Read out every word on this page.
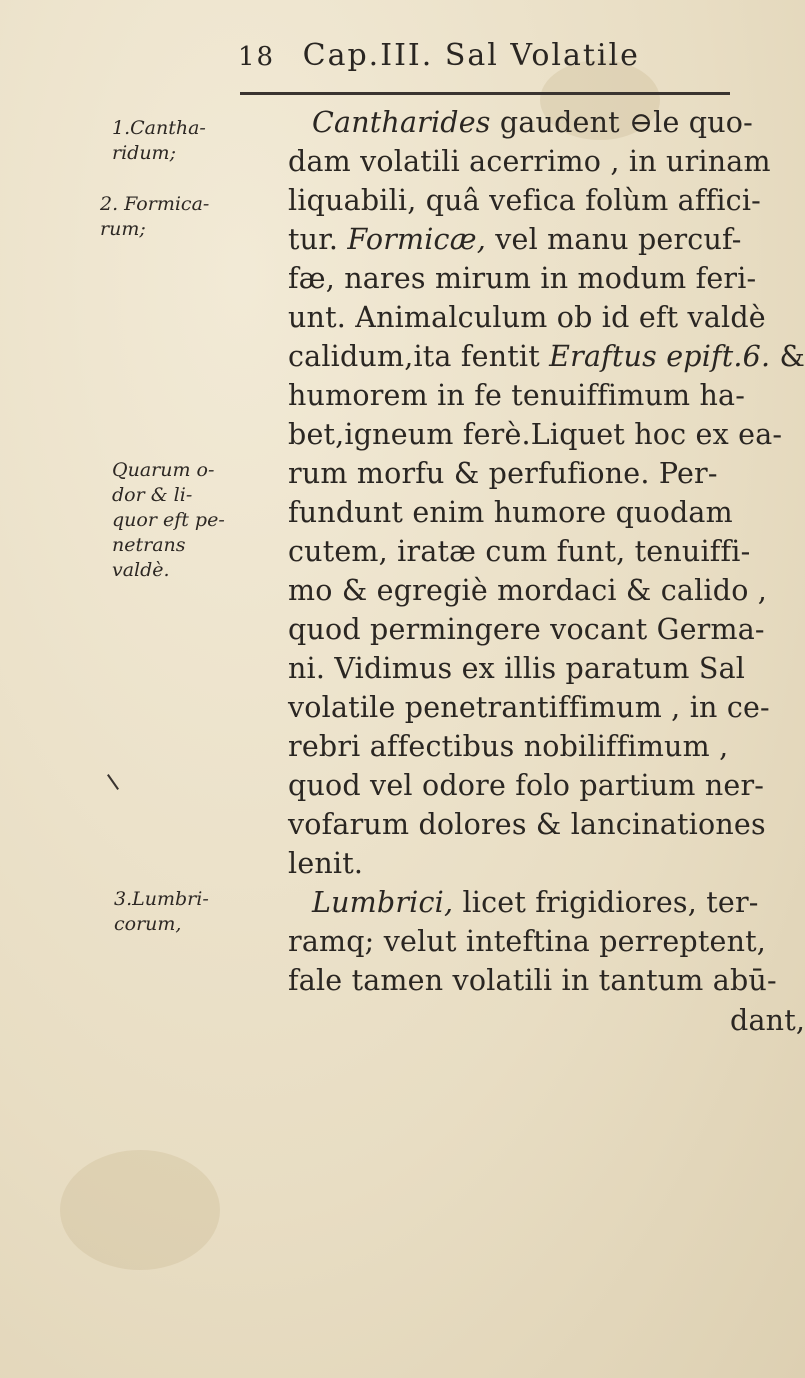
18 Cap.III. Sal Volatile
Cantharides gaudent ⊖le quo-
dam volatili acerrimo , in urinam
liquabili, quâ vefica folùm affici-
tur. Formicæ, vel manu percuf-
fæ, nares mirum in modum feri-
unt. Animalculum ob id eft valdè
calidum,ita fentit Eraftus epift.6. &
humorem in fe tenuiffimum ha-
bet,igneum ferè.Liquet hoc ex ea-
rum morfu & perfufione. Per-
fundunt enim humore quodam
cutem, iratæ cum funt, tenuiffi-
mo & egregiè mordaci & calido ,
quod permingere vocant Germa-
ni. Vidimus ex illis paratum Sal
volatile penetrantiffimum , in ce-
rebri affectibus nobiliffimum ,
quod vel odore folo partium ner-
vofarum dolores & lancinationes
lenit.
Lumbrici, licet frigidiores, ter-
ramq; velut inteftina perreptent,
fale tamen volatili in tantum abū-
dant,
1.Cantha-
ridum;
2. Formica-
rum;
Quarum o-
dor & li-
quor eft pe-
netrans
valdè.
3.Lumbri-
corum,
